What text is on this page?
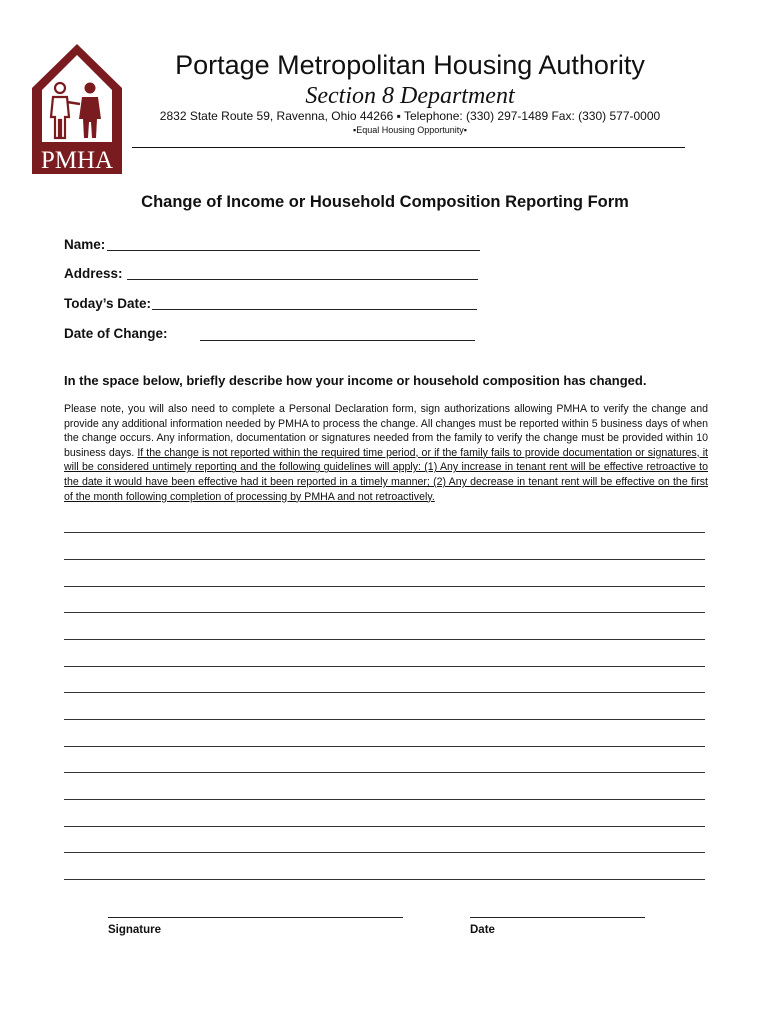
PMHA
Portage Metropolitan Housing Authority
Section 8 Department
2832 State Route 59, Ravenna, Ohio 44266 ▪ Telephone: (330) 297-1489 Fax: (330) 577-0000
▪Equal Housing Opportunity▪
Change of Income or Household Composition Reporting Form
Name:
Address:
Today’s Date:
Date of Change:
In the space below, briefly describe how your income or household composition has changed.
Please note, you will also need to complete a Personal Declaration form, sign authorizations allowing PMHA to verify the change and provide any additional information needed by PMHA to process the change. All changes must be reported within 5 business days of when the change occurs. Any information, documentation or signatures needed from the family to verify the change must be provided within 10 business days. If the change is not reported within the required time period, or if the family fails to provide documentation or signatures, it will be considered untimely reporting and the following guidelines will apply: (1) Any increase in tenant rent will be effective retroactive to the date it would have been effective had it been reported in a timely manner; (2) Any decrease in tenant rent will be effective on the first of the month following completion of processing by PMHA and not retroactively.
Signature	Date
